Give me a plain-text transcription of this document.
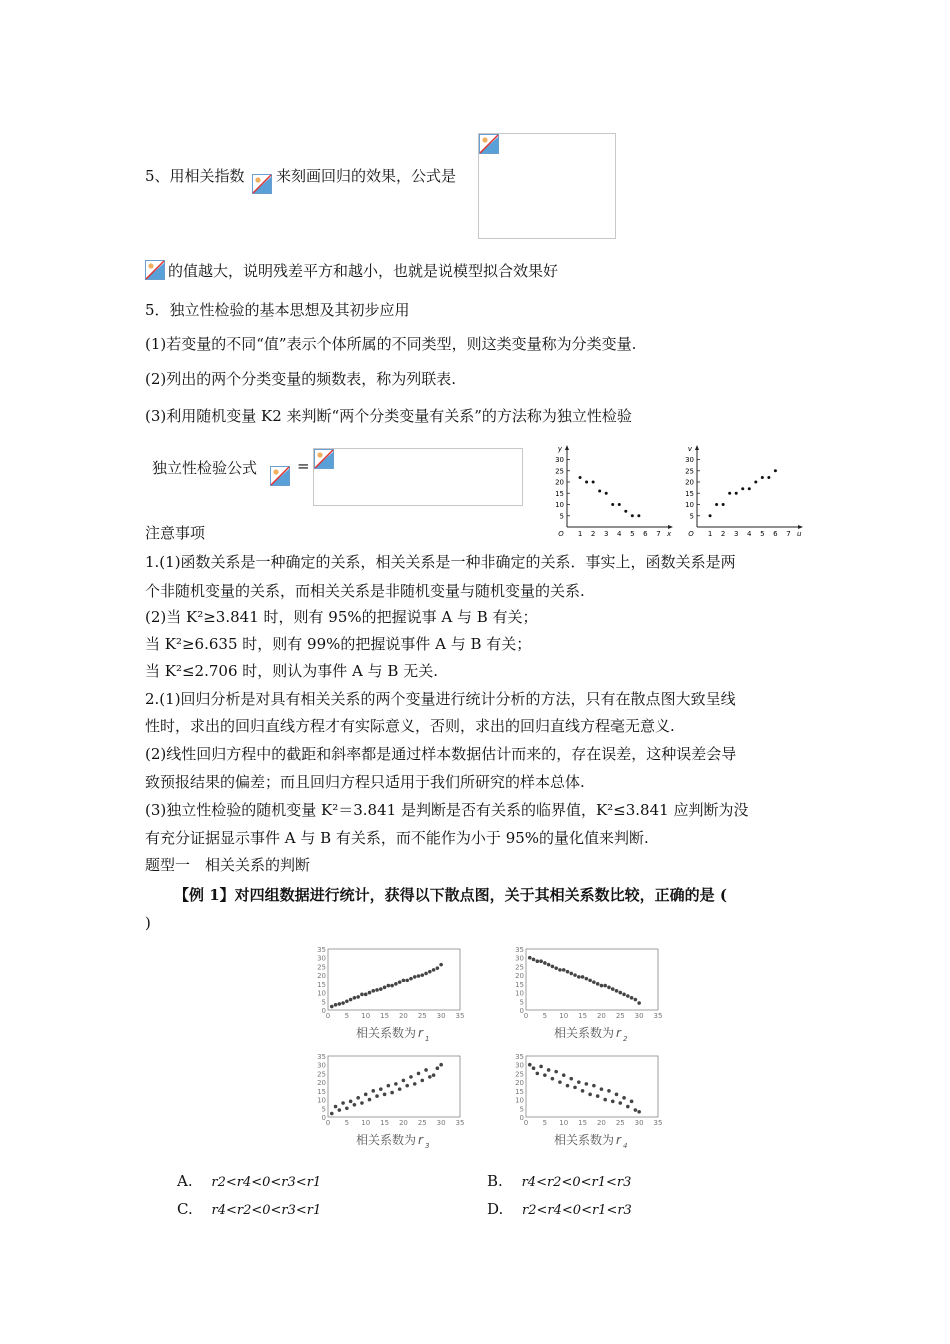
5、用相关指数 来刻画回归的效果，公式是
的值越大，说明残差平方和越小，也就是说模型拟合效果好
5．独立性检验的基本思想及其初步应用
(1)若变量的不同“值”表示个体所属的不同类型，则这类变量称为分类变量.
(2)列出的两个分类变量的频数表，称为列联表.
(3)利用随机变量 K2 来判断“两个分类变量有关系”的方法称为独立性检验
独立性检验公式	=
y
x
O 1 2 3 4 5 6 7
5
10
15
20
25
30
v
u
O 1 2 3 4 5 6 7
5
10
15
20
25
30
注意事项
1.(1)函数关系是一种确定的关系，相关关系是一种非确定的关系．事实上，函数关系是两
个非随机变量的关系，而相关关系是非随机变量与随机变量的关系.
(2)当 K²≥3.841 时，则有 95%的把握说事 A 与 B 有关；
当 K²≥6.635 时，则有 99%的把握说事件 A 与 B 有关；
当 K²≤2.706 时，则认为事件 A 与 B 无关.
2.(1)回归分析是对具有相关关系的两个变量进行统计分析的方法，只有在散点图大致呈线
性时，求出的回归直线方程才有实际意义，否则，求出的回归直线方程毫无意义.
(2)线性回归方程中的截距和斜率都是通过样本数据估计而来的，存在误差，这种误差会导
致预报结果的偏差；而且回归方程只适用于我们所研究的样本总体.
(3)独立性检验的随机变量 K²＝3.841 是判断是否有关系的临界值，K²≤3.841 应判断为没
有充分证据显示事件 A 与 B 有关系，而不能作为小于 95%的量化值来判断.
题型一　相关关系的判断
【例 1】对四组数据进行统计，获得以下散点图，关于其相关系数比较，正确的是 (
)
0
5
10
15
20
25
30
35
0 5 10 15 20 25 30 35
相关系数为 r 1
0
5
10
15
20
25
30
35
0 5 10 15 20 25 30 35
相关系数为 r 2
0
5
10
15
20
25
30
35
0 5 10 15 20 25 30 35
相关系数为 r 3
0
5
10
15
20
25
30
35
0 5 10 15 20 25 30 35
相关系数为 r 4
A. r2<r4<0<r3<r1	B. r4<r2<0<r1<r3
C. r4<r2<0<r3<r1	D. r2<r4<0<r1<r3
